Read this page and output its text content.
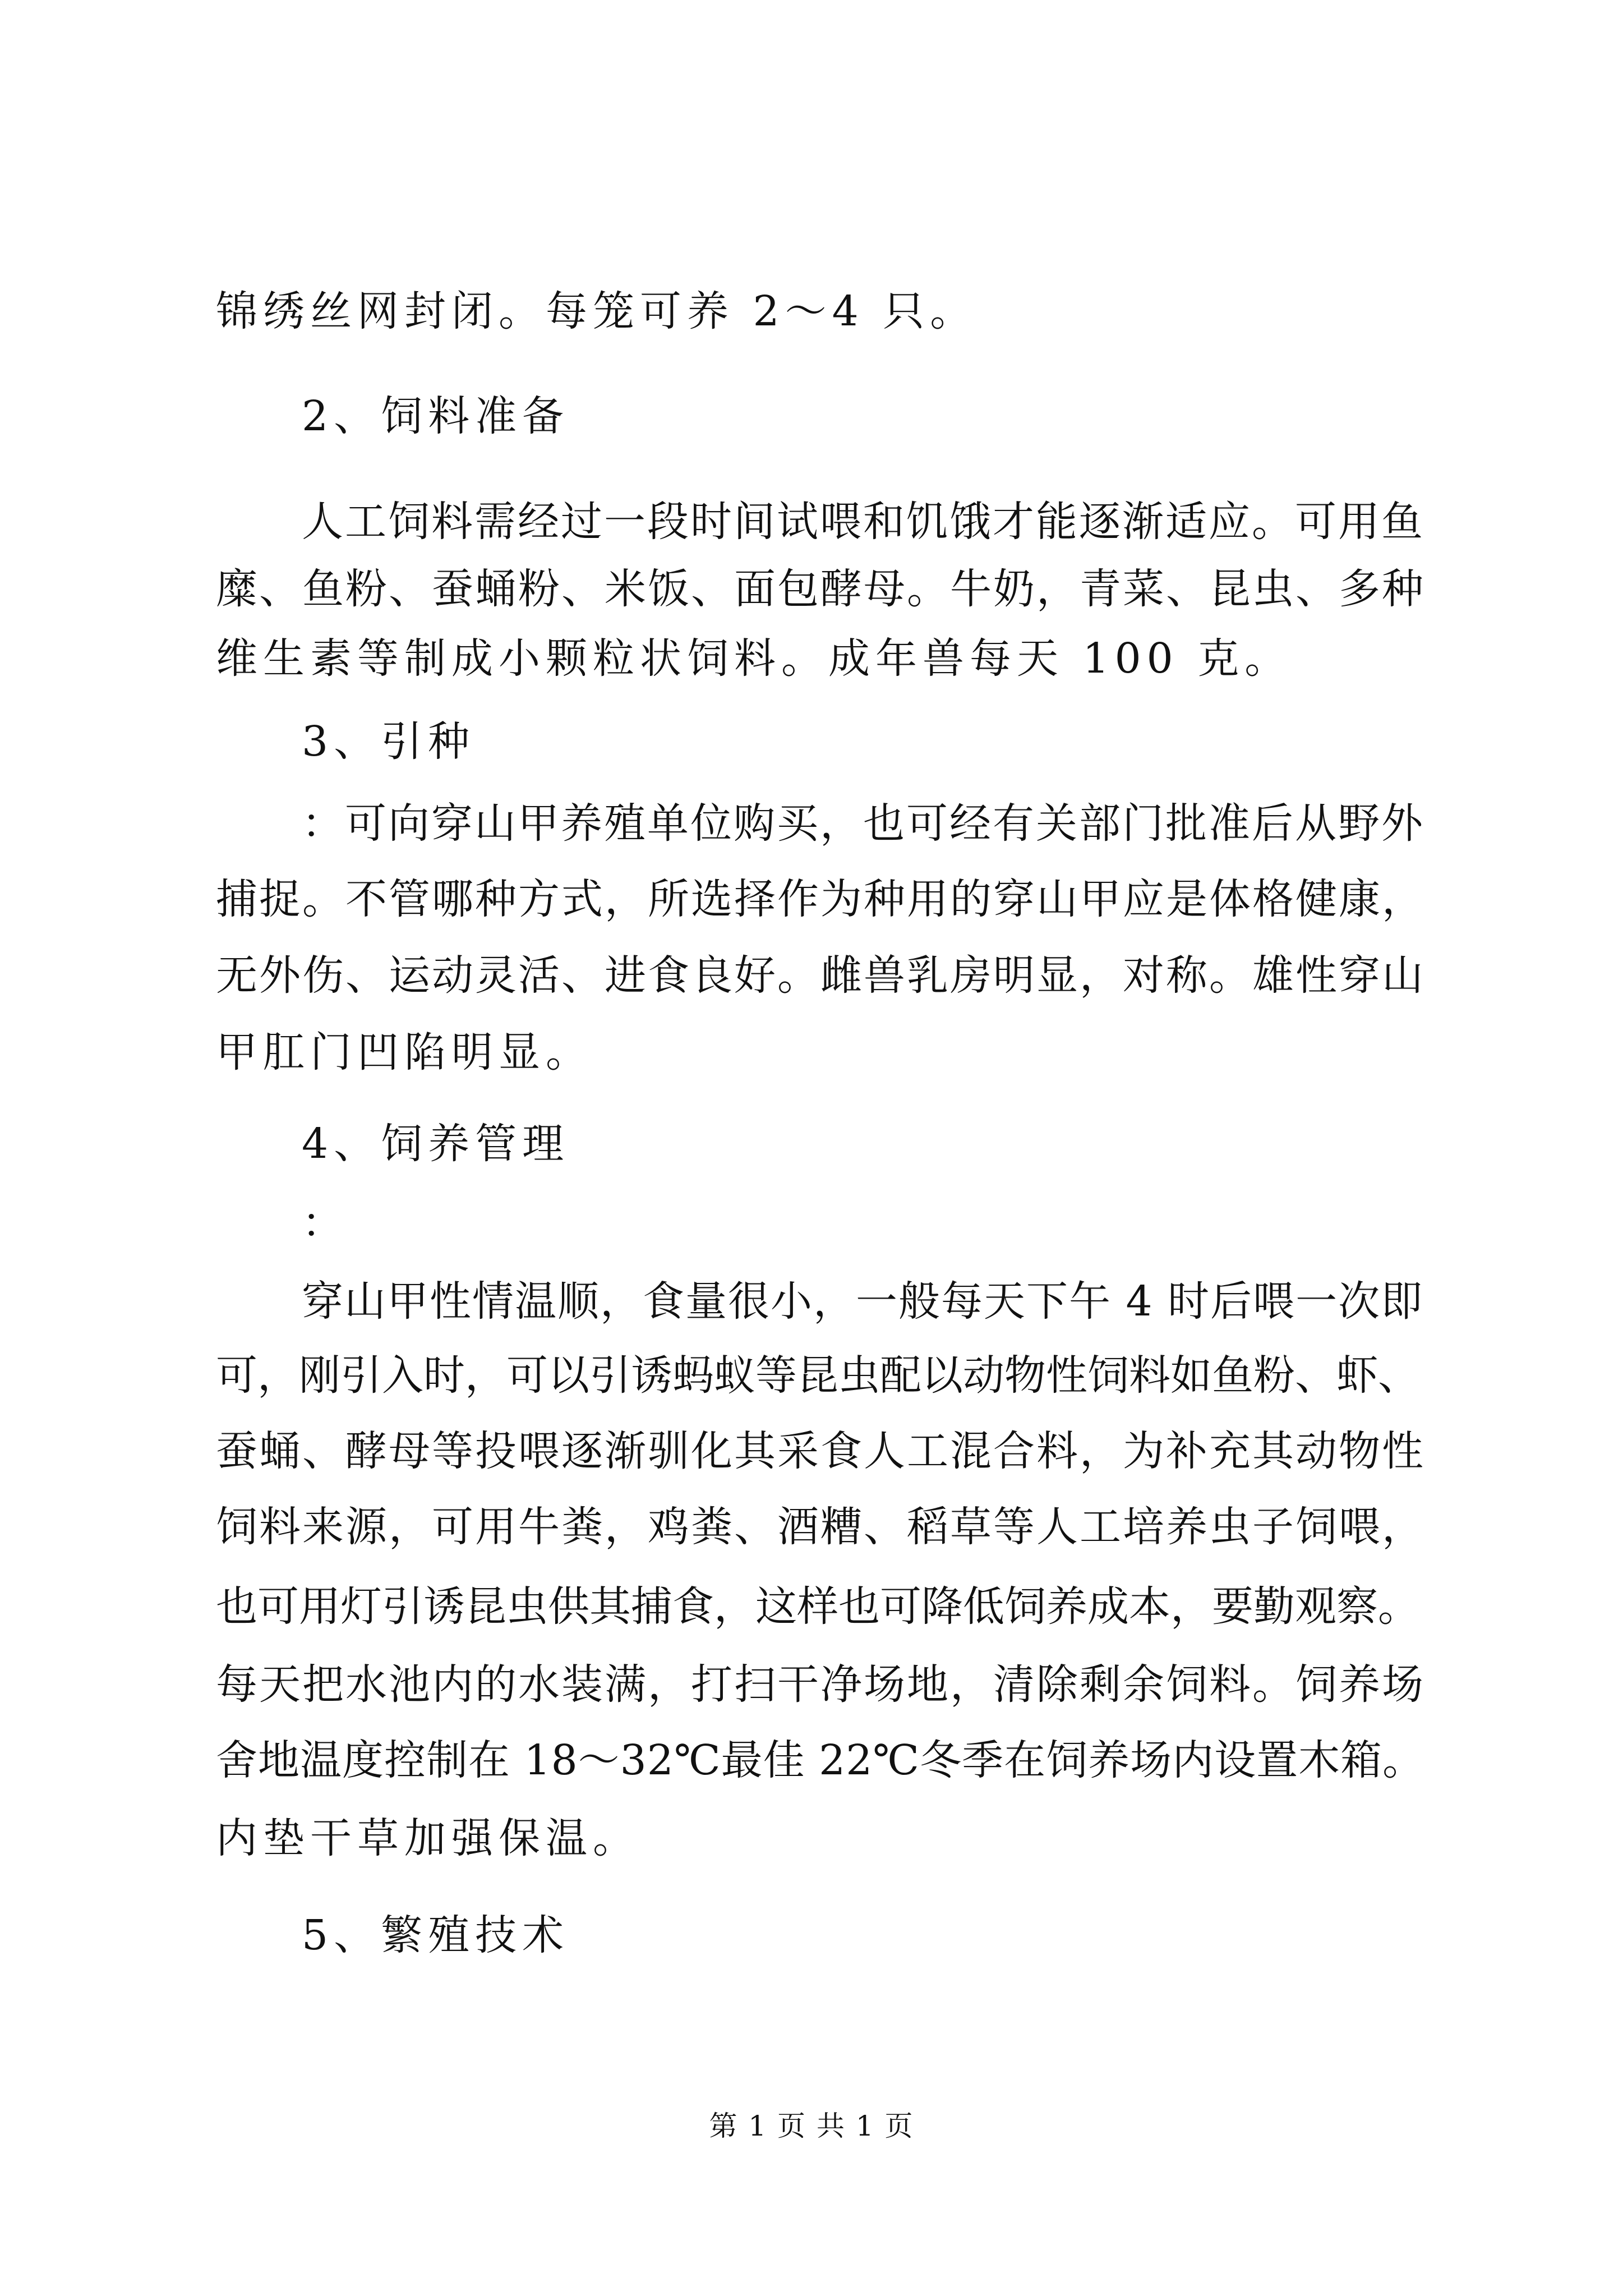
锦绣丝网封闭。每笼可养 2～4 只。
2、饲料准备
人工饲料需经过一段时间试喂和饥饿才能逐渐适应。可用鱼
糜、鱼粉、蚕蛹粉、米饭、面包酵母。牛奶，青菜、昆虫、多种
维生素等制成小颗粒状饲料。成年兽每天 100 克。
3、引种
：可向穿山甲养殖单位购买，也可经有关部门批准后从野外
捕捉。不管哪种方式，所选择作为种用的穿山甲应是体格健康，
无外伤、运动灵活、进食良好。雌兽乳房明显，对称。雄性穿山
甲肛门凹陷明显。
4、饲养管理
：
穿山甲性情温顺，食量很小，一般每天下午 4 时后喂一次即
可，刚引入时，可以引诱蚂蚁等昆虫配以动物性饲料如鱼粉、虾、
蚕蛹、酵母等投喂逐渐驯化其采食人工混合料，为补充其动物性
饲料来源，可用牛粪，鸡粪、酒糟、稻草等人工培养虫子饲喂，
也可用灯引诱昆虫供其捕食，这样也可降低饲养成本，要勤观察。
每天把水池内的水装满，打扫干净场地，清除剩余饲料。饲养场
舍地温度控制在 18～32℃最佳 22℃冬季在饲养场内设置木箱。
内垫干草加强保温。
5、繁殖技术
第 1 页 共 1 页
